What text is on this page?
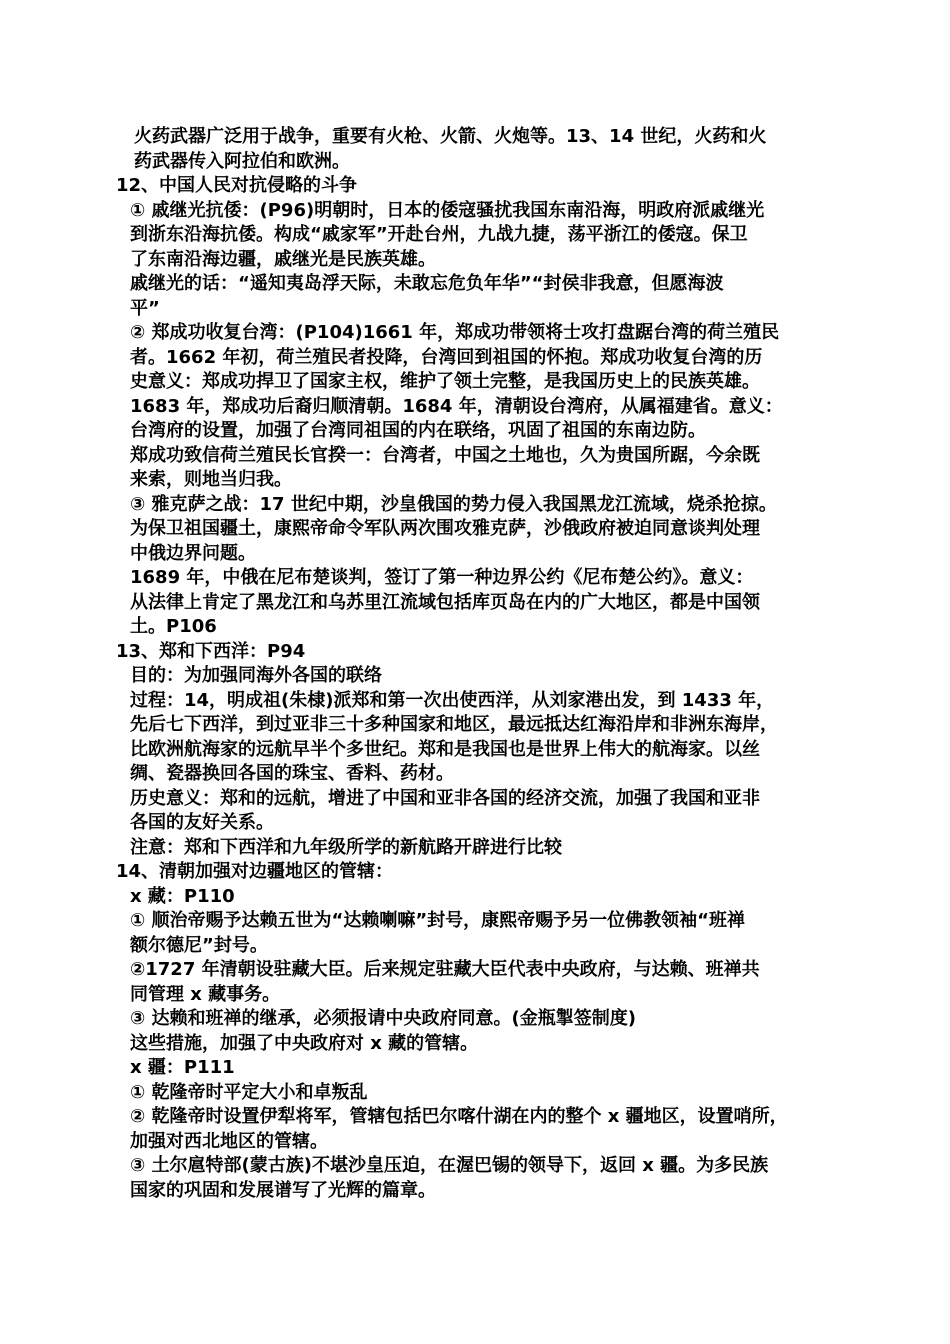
火药武器广泛用于战争，重要有火枪、火箭、火炮等。13、14 世纪，火药和火
药武器传入阿拉伯和欧洲。
12、中国人民对抗侵略的斗争
① 戚继光抗倭：(P96)明朝时，日本的倭寇骚扰我国东南沿海，明政府派戚继光
到浙东沿海抗倭。构成“戚家军”开赴台州，九战九捷，荡平浙江的倭寇。保卫
了东南沿海边疆，戚继光是民族英雄。
戚继光的话：“遥知夷岛浮天际，未敢忘危负年华”“封侯非我意，但愿海波
平”
② 郑成功收复台湾：(P104)1661 年，郑成功带领将士攻打盘踞台湾的荷兰殖民
者。1662 年初，荷兰殖民者投降，台湾回到祖国的怀抱。郑成功收复台湾的历
史意义：郑成功捍卫了国家主权，维护了领土完整，是我国历史上的民族英雄。
1683 年，郑成功后裔归顺清朝。1684 年，清朝设台湾府，从属福建省。意义：
台湾府的设置，加强了台湾同祖国的内在联络，巩固了祖国的东南边防。
郑成功致信荷兰殖民长官揆一：台湾者，中国之土地也，久为贵国所踞，今余既
来索，则地当归我。
③ 雅克萨之战：17 世纪中期，沙皇俄国的势力侵入我国黑龙江流域，烧杀抢掠。
为保卫祖国疆土，康熙帝命令军队两次围攻雅克萨，沙俄政府被迫同意谈判处理
中俄边界问题。
1689 年，中俄在尼布楚谈判，签订了第一种边界公约《尼布楚公约》。意义：
从法律上肯定了黑龙江和乌苏里江流域包括库页岛在内的广大地区，都是中国领
土。P106
13、郑和下西洋：P94
目的：为加强同海外各国的联络
过程：14，明成祖(朱棣)派郑和第一次出使西洋，从刘家港出发，到 1433 年，
先后七下西洋，到过亚非三十多种国家和地区，最远抵达红海沿岸和非洲东海岸，
比欧洲航海家的远航早半个多世纪。郑和是我国也是世界上伟大的航海家。以丝
绸、瓷器换回各国的珠宝、香料、药材。
历史意义：郑和的远航，增进了中国和亚非各国的经济交流，加强了我国和亚非
各国的友好关系。
注意：郑和下西洋和九年级所学的新航路开辟进行比较
14、清朝加强对边疆地区的管辖：
x 藏：P110
① 顺治帝赐予达赖五世为“达赖喇嘛”封号，康熙帝赐予另一位佛教领袖“班禅
额尔德尼”封号。
②1727 年清朝设驻藏大臣。后来规定驻藏大臣代表中央政府，与达赖、班禅共
同管理 x 藏事务。
③ 达赖和班禅的继承，必须报请中央政府同意。(金瓶掣签制度)
这些措施，加强了中央政府对 x 藏的管辖。
x 疆：P111
① 乾隆帝时平定大小和卓叛乱
② 乾隆帝时设置伊犁将军，管辖包括巴尔喀什湖在内的整个 x 疆地区，设置哨所，
加强对西北地区的管辖。
③ 土尔扈特部(蒙古族)不堪沙皇压迫，在渥巴锡的领导下，返回 x 疆。为多民族
国家的巩固和发展谱写了光辉的篇章。
